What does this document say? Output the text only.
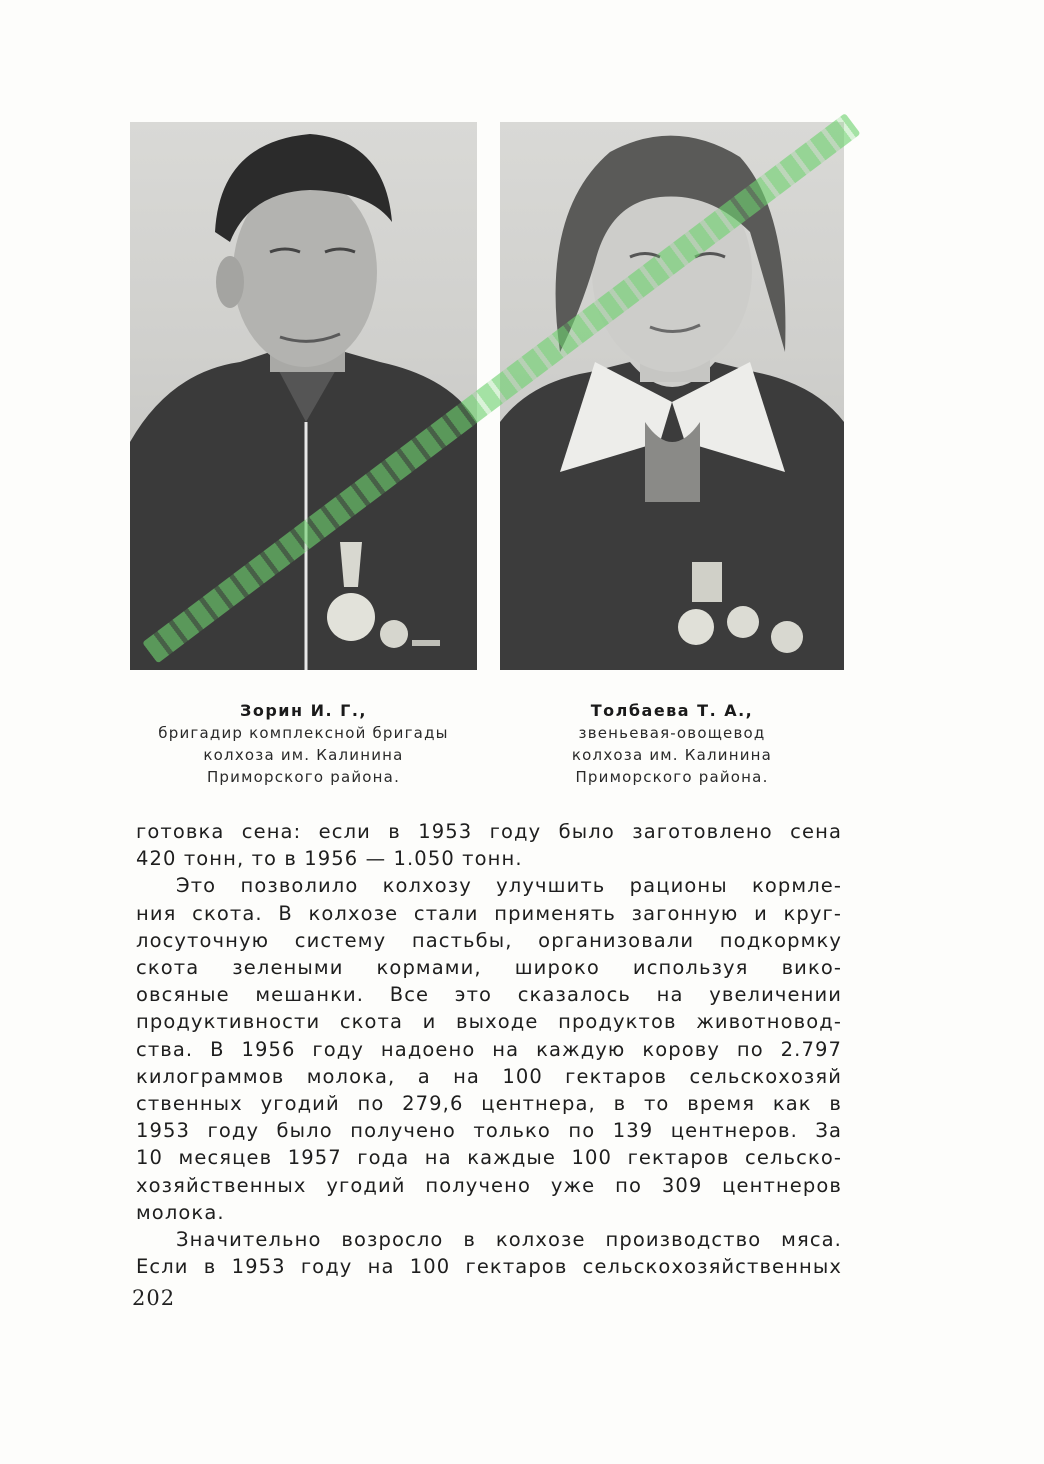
Зорин И. Г.,
бригадир комплексной бригады
колхоза им. Калинина
Приморского района.
Толбаева Т. А.,
звеньевая-овощевод
колхоза им. Калинина
Приморского района.

готовка сена: если в 1953 году было заготовлено сена

420 тонн, то в 1956 — 1.050 тонн.

Это позволило колхозу улучшить рационы кормле-

ния скота. В колхозе стали применять загонную и круг-

лосуточную систему пастьбы, организовали подкормку

скота зелеными кормами, широко используя вико-

овсяные мешанки. Все это сказалось на увеличении

продуктивности скота и выходе продуктов животновод-

ства. В 1956 году надоено на каждую корову по 2.797

килограммов молока, а на 100 гектаров сельскохозяй

ственных угодий по 279,6 центнера, в то время как в

1953 году было получено только по 139 центнеров. За

10 месяцев 1957 года на каждые 100 гектаров сельско-

хозяйственных угодий получено уже по 309 центнеров

молока.

Значительно возросло в колхозе производство мяса.

Если в 1953 году на 100 гектаров сельскохозяйственных

202
